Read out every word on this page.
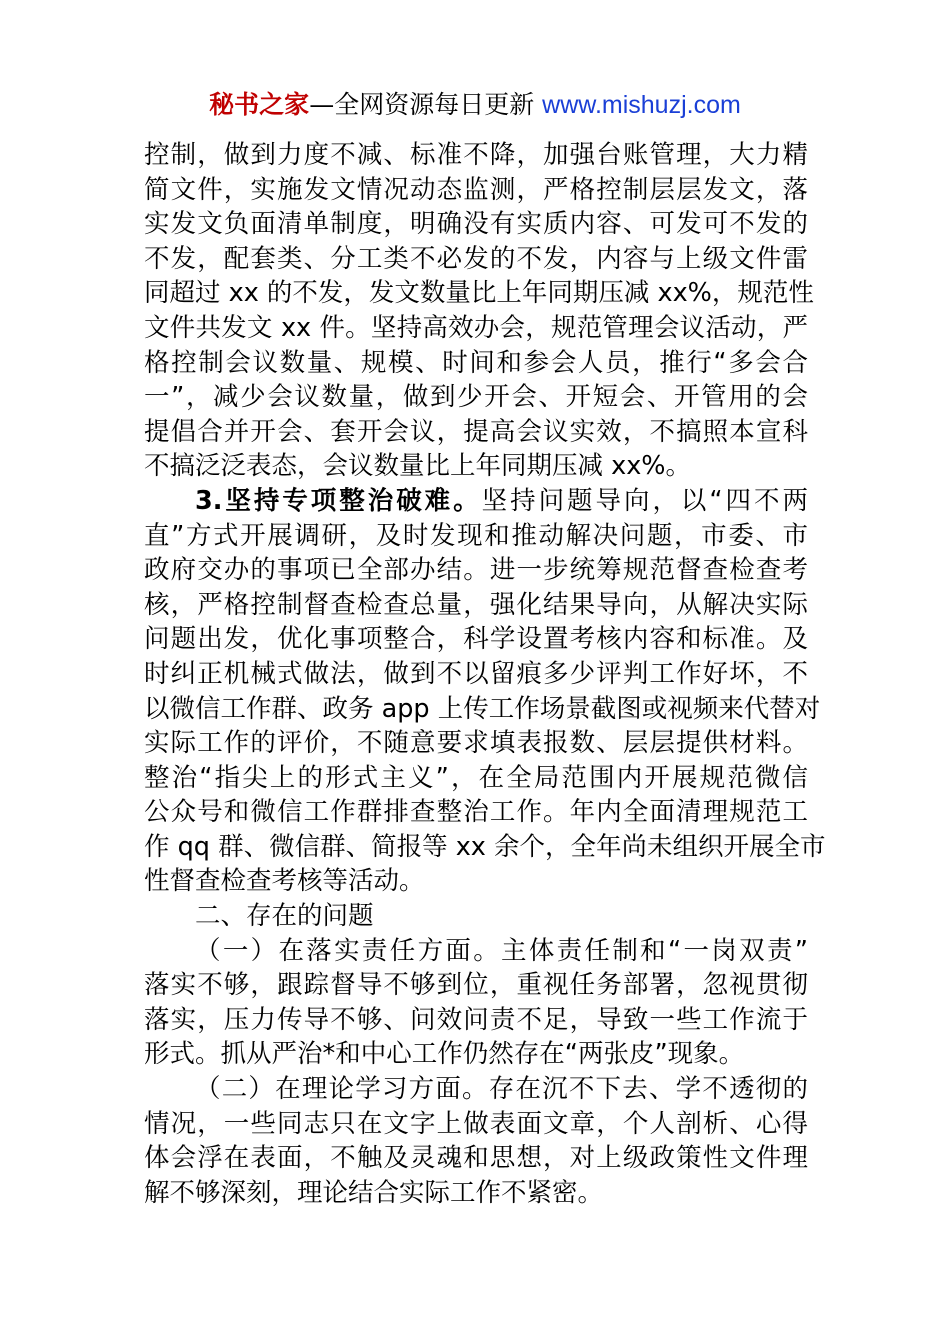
秘书之家—全网资源每日更新 www.mishuzj.com
控制，做到力度不减、标准不降，加强台账管理，大力精
简文件，实施发文情况动态监测，严格控制层层发文，落
实发文负面清单制度，明确没有实质内容、可发可不发的
不发，配套类、分工类不必发的不发，内容与上级文件雷
同超过 xx 的不发，发文数量比上年同期压减 xx%，规范性
文件共发文 xx 件。坚持高效办会，规范管理会议活动，严
格控制会议数量、规模、时间和参会人员，推行“多会合
一”，减少会议数量，做到少开会、开短会、开管用的会
提倡合并开会、套开会议，提高会议实效，不搞照本宣科
不搞泛泛表态，会议数量比上年同期压减 xx%。
3.坚持专项整治破难。坚持问题导向，以“四不两
直”方式开展调研，及时发现和推动解决问题，市委、市
政府交办的事项已全部办结。进一步统筹规范督查检查考
核，严格控制督查检查总量，强化结果导向，从解决实际
问题出发，优化事项整合，科学设置考核内容和标准。及
时纠正机械式做法，做到不以留痕多少评判工作好坏，不
以微信工作群、政务 app 上传工作场景截图或视频来代替对
实际工作的评价，不随意要求填表报数、层层提供材料。
整治“指尖上的形式主义”，在全局范围内开展规范微信
公众号和微信工作群排查整治工作。年内全面清理规范工
作 qq 群、微信群、简报等 xx 余个，全年尚未组织开展全市
性督查检查考核等活动。
二、存在的问题
（一）在落实责任方面。主体责任制和“一岗双责”
落实不够，跟踪督导不够到位，重视任务部署，忽视贯彻
落实，压力传导不够、问效问责不足，导致一些工作流于
形式。抓从严治*和中心工作仍然存在“两张皮”现象。
（二）在理论学习方面。存在沉不下去、学不透彻的
情况，一些同志只在文字上做表面文章，个人剖析、心得
体会浮在表面，不触及灵魂和思想，对上级政策性文件理
解不够深刻，理论结合实际工作不紧密。
